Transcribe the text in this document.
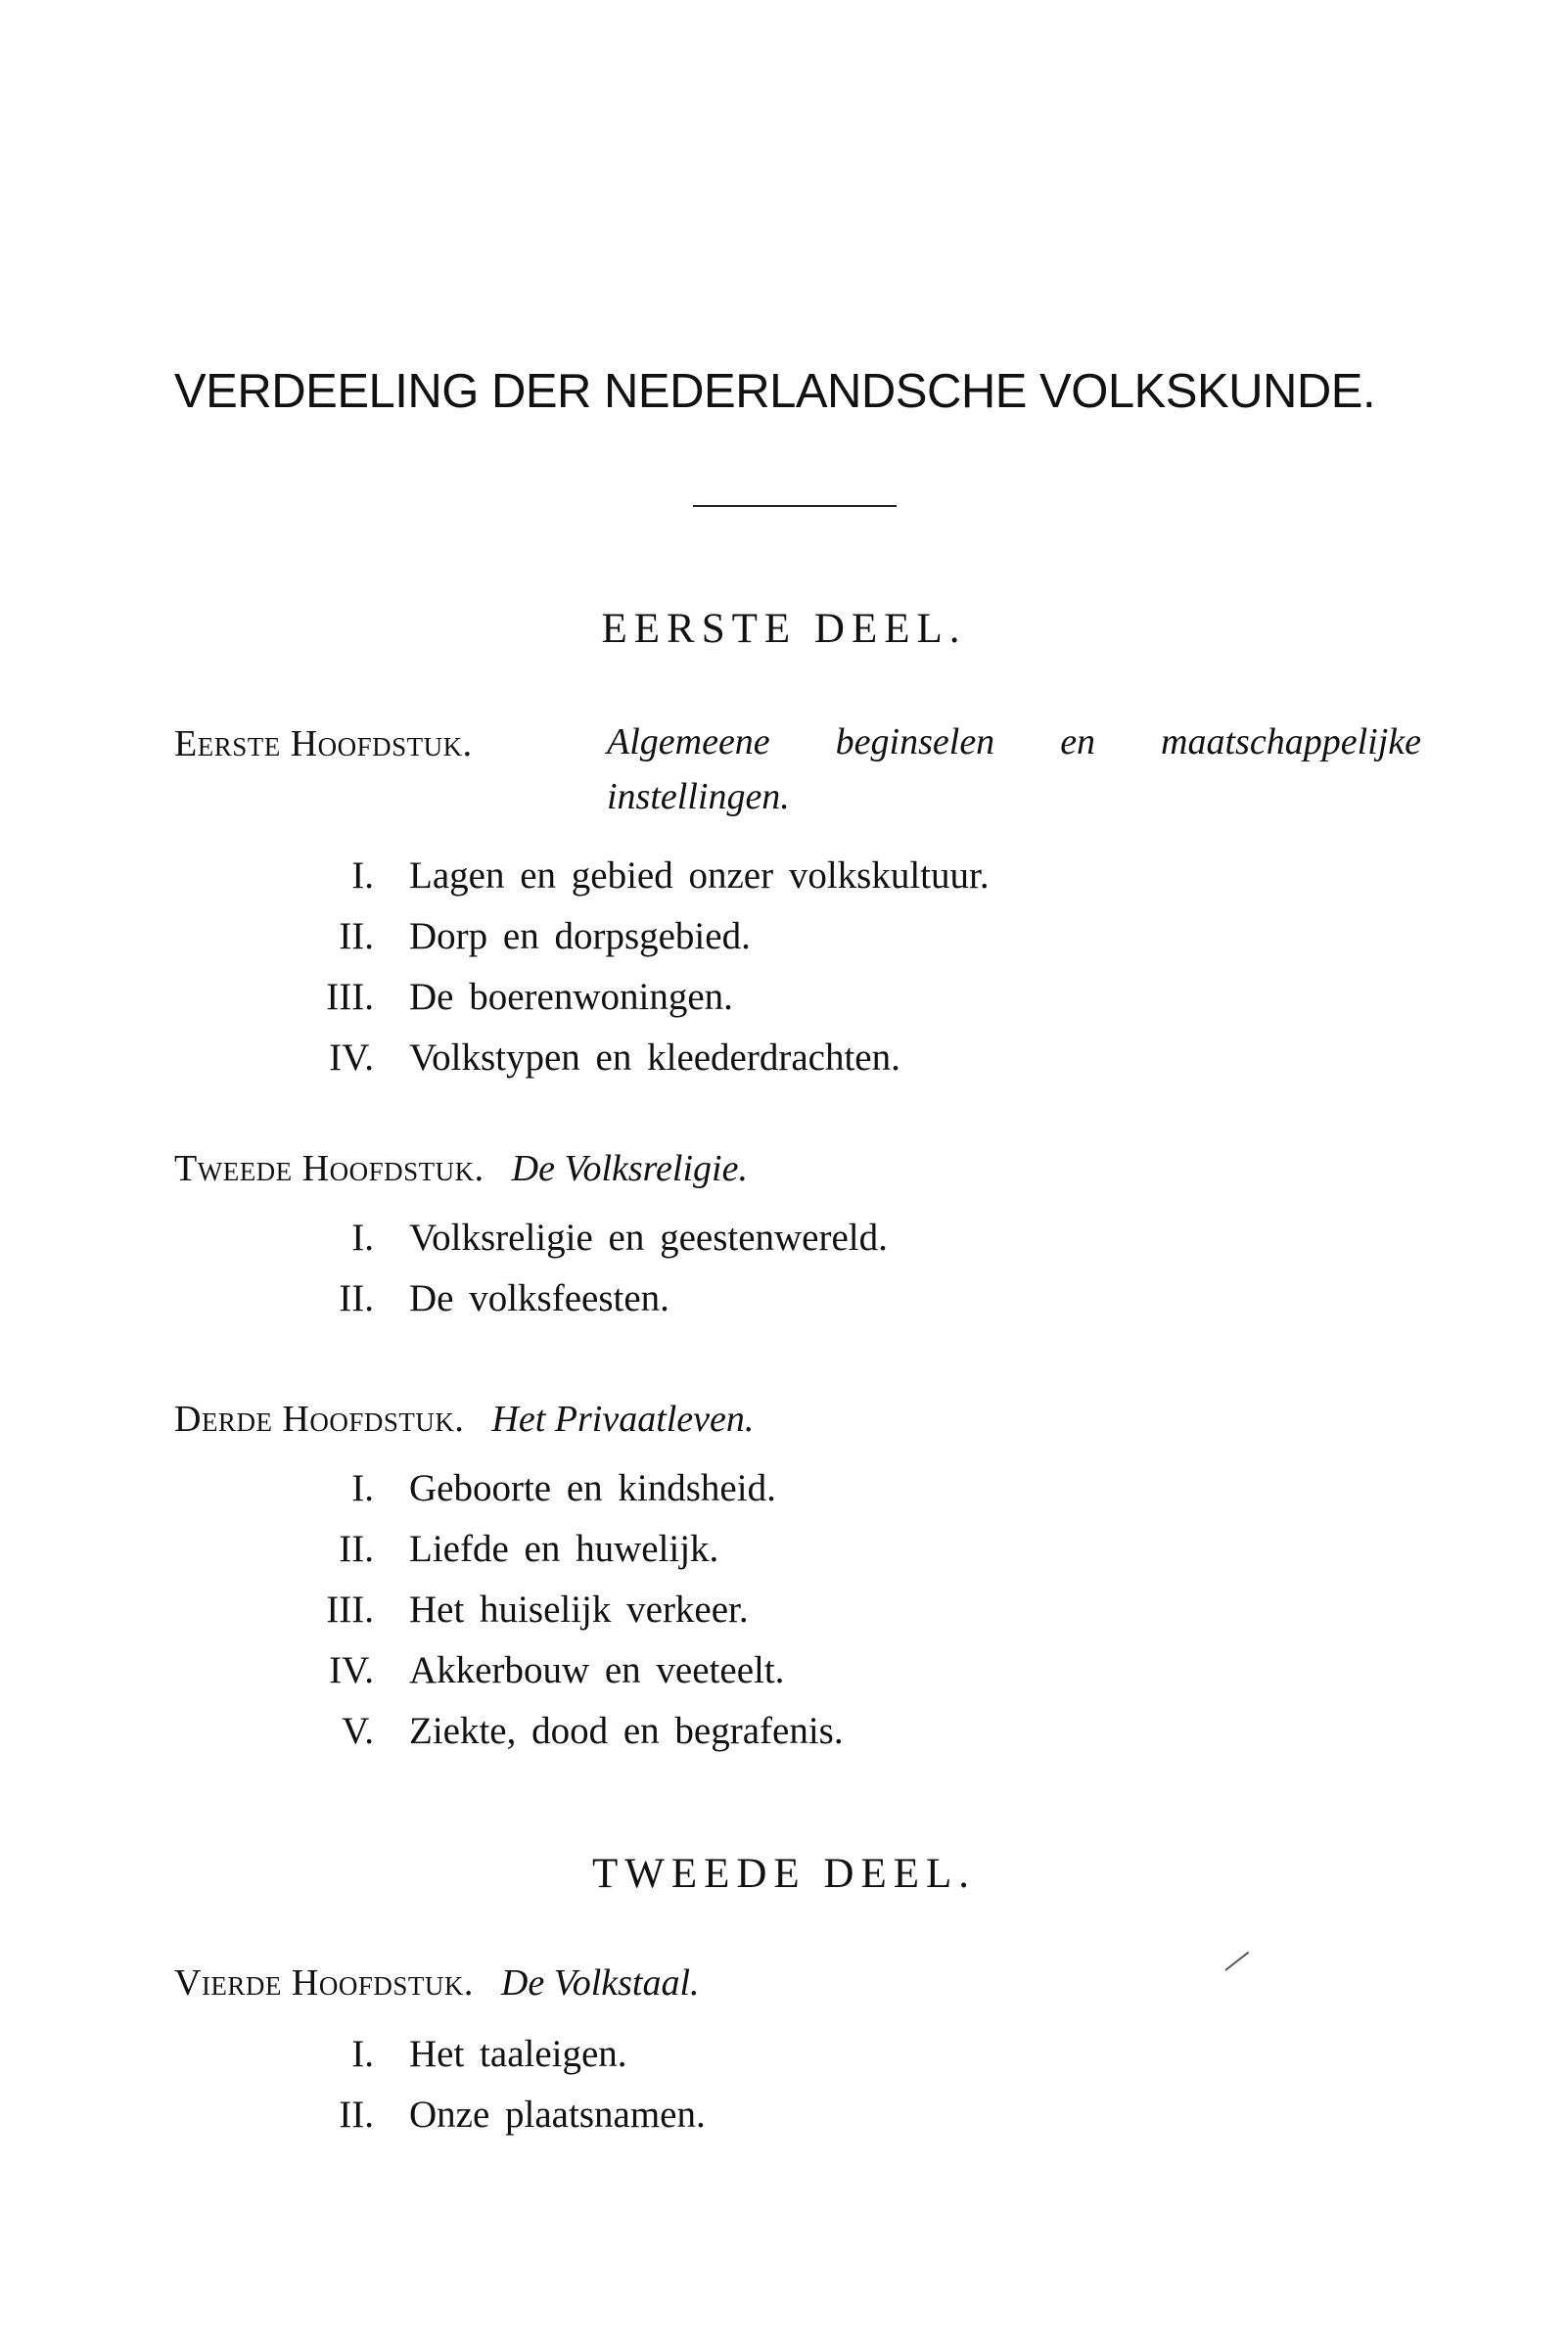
VERDEELING DER NEDERLANDSCHE VOLKSKUNDE.
EERSTE DEEL.
Eerste Hoofdstuk.	Algemeene beginselen en maatschappelijke
instellingen.
I. Lagen en gebied onzer volkskultuur.
II. Dorp en dorpsgebied.
III. De boerenwoningen.
IV. Volkstypen en kleederdrachten.
Tweede Hoofdstuk. De Volksreligie.
I. Volksreligie en geestenwereld.
II. De volksfeesten.
Derde Hoofdstuk. Het Privaatleven.
I. Geboorte en kindsheid.
II. Liefde en huwelijk.
III. Het huiselijk verkeer.
IV. Akkerbouw en veeteelt.
V. Ziekte, dood en begrafenis.
TWEEDE DEEL.
Vierde Hoofdstuk. De Volkstaal.
I. Het taaleigen.
II. Onze plaatsnamen.
